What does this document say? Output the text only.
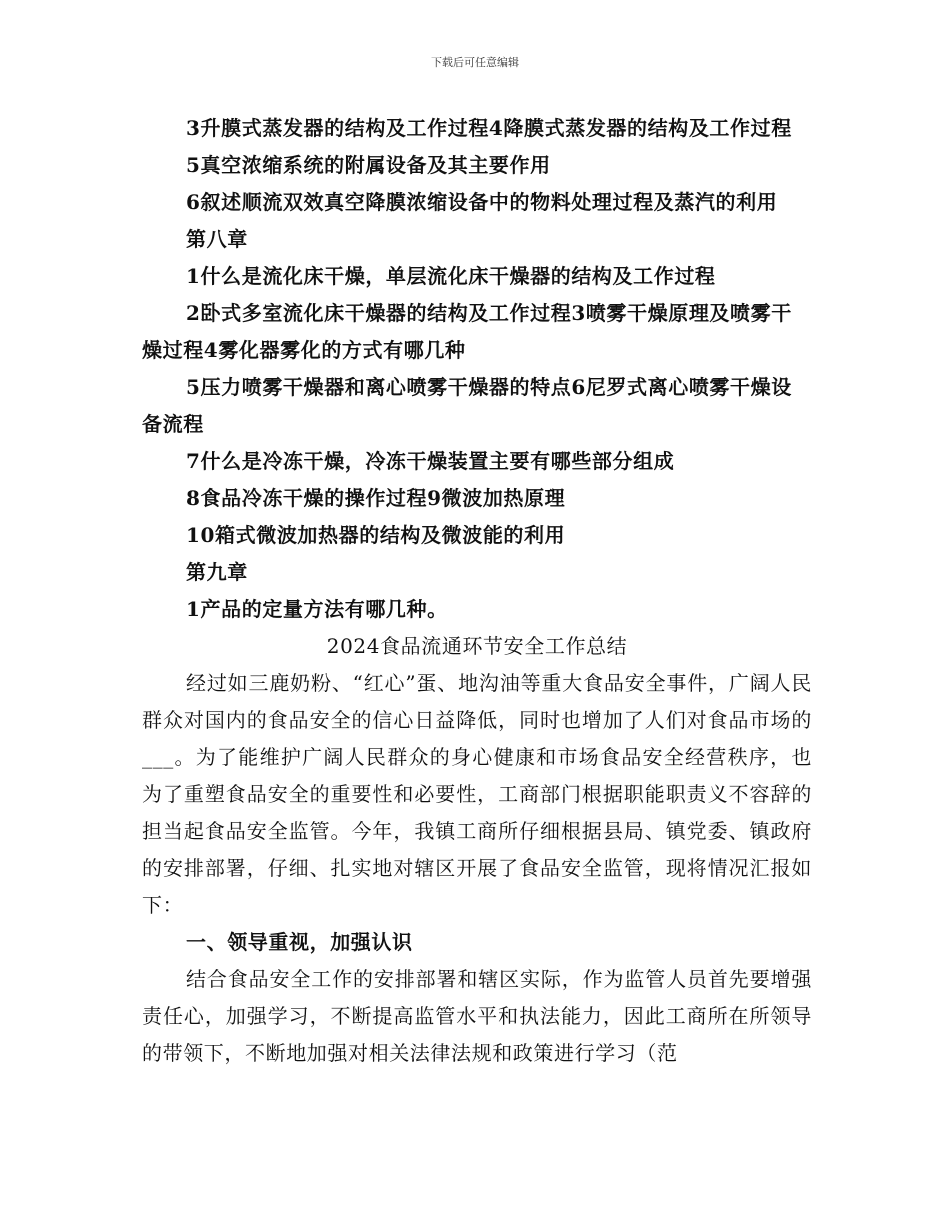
下载后可任意编辑

3升膜式蒸发器的结构及工作过程4降膜式蒸发器的结构及工作过程

5真空浓缩系统的附属设备及其主要作用

6叙述顺流双效真空降膜浓缩设备中的物料处理过程及蒸汽的利用

第八章

1什么是流化床干燥，单层流化床干燥器的结构及工作过程

2卧式多室流化床干燥器的结构及工作过程3喷雾干燥原理及喷雾干燥过程4雾化器雾化的方式有哪几种

5压力喷雾干燥器和离心喷雾干燥器的特点6尼罗式离心喷雾干燥设备流程

7什么是冷冻干燥，冷冻干燥装置主要有哪些部分组成

8食品冷冻干燥的操作过程9微波加热原理

10箱式微波加热器的结构及微波能的利用

第九章

1产品的定量方法有哪几种。

2024食品流通环节安全工作总结

经过如三鹿奶粉、“红心”蛋、地沟油等重大食品安全事件，广阔人民群众对国内的食品安全的信心日益降低，同时也增加了人们对食品市场的___。为了能维护广阔人民群众的身心健康和市场食品安全经营秩序，也为了重塑食品安全的重要性和必要性，工商部门根据职能职责义不容辞的担当起食品安全监管。今年，我镇工商所仔细根据县局、镇党委、镇政府的安排部署，仔细、扎实地对辖区开展了食品安全监管，现将情况汇报如下：

一、领导重视，加强认识

结合食品安全工作的安排部署和辖区实际，作为监管人员首先要增强责任心，加强学习，不断提高监管水平和执法能力，因此工商所在所领导的带领下，不断地加强对相关法律法规和政策进行学习（范
